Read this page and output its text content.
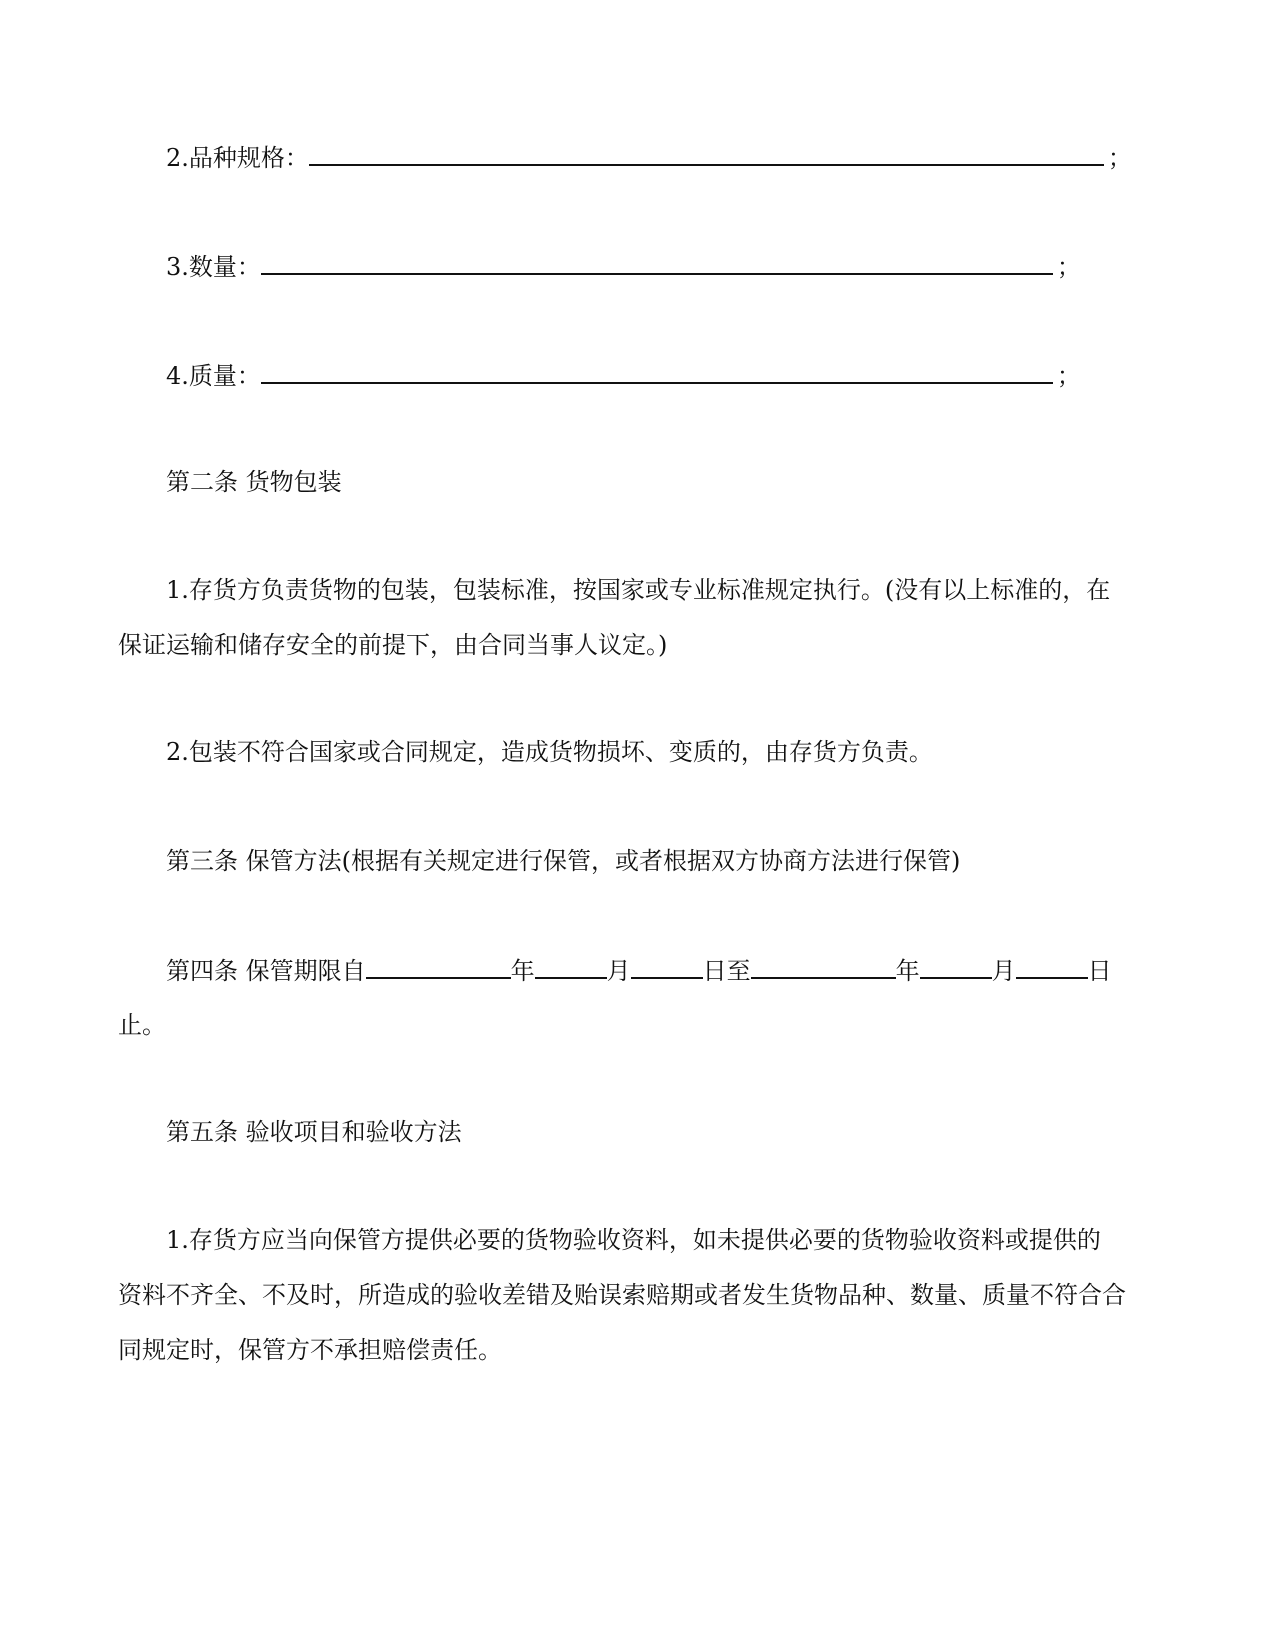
2.品种规格：	；
3.数量：	；
4.质量：	；
第二条 货物包装
1.存货方负责货物的包装，包装标准，按国家或专业标准规定执行。(没有以上标准的，在
保证运输和储存安全的前提下，由合同当事人议定。)
2.包装不符合国家或合同规定，造成货物损坏、变质的，由存货方负责。
第三条 保管方法(根据有关规定进行保管，或者根据双方协商方法进行保管)
第四条 保管期限自	年	月	日至	年	月	日
止。
第五条 验收项目和验收方法
1.存货方应当向保管方提供必要的货物验收资料，如未提供必要的货物验收资料或提供的
资料不齐全、不及时，所造成的验收差错及贻误索赔期或者发生货物品种、数量、质量不符合合
同规定时，保管方不承担赔偿责任。
